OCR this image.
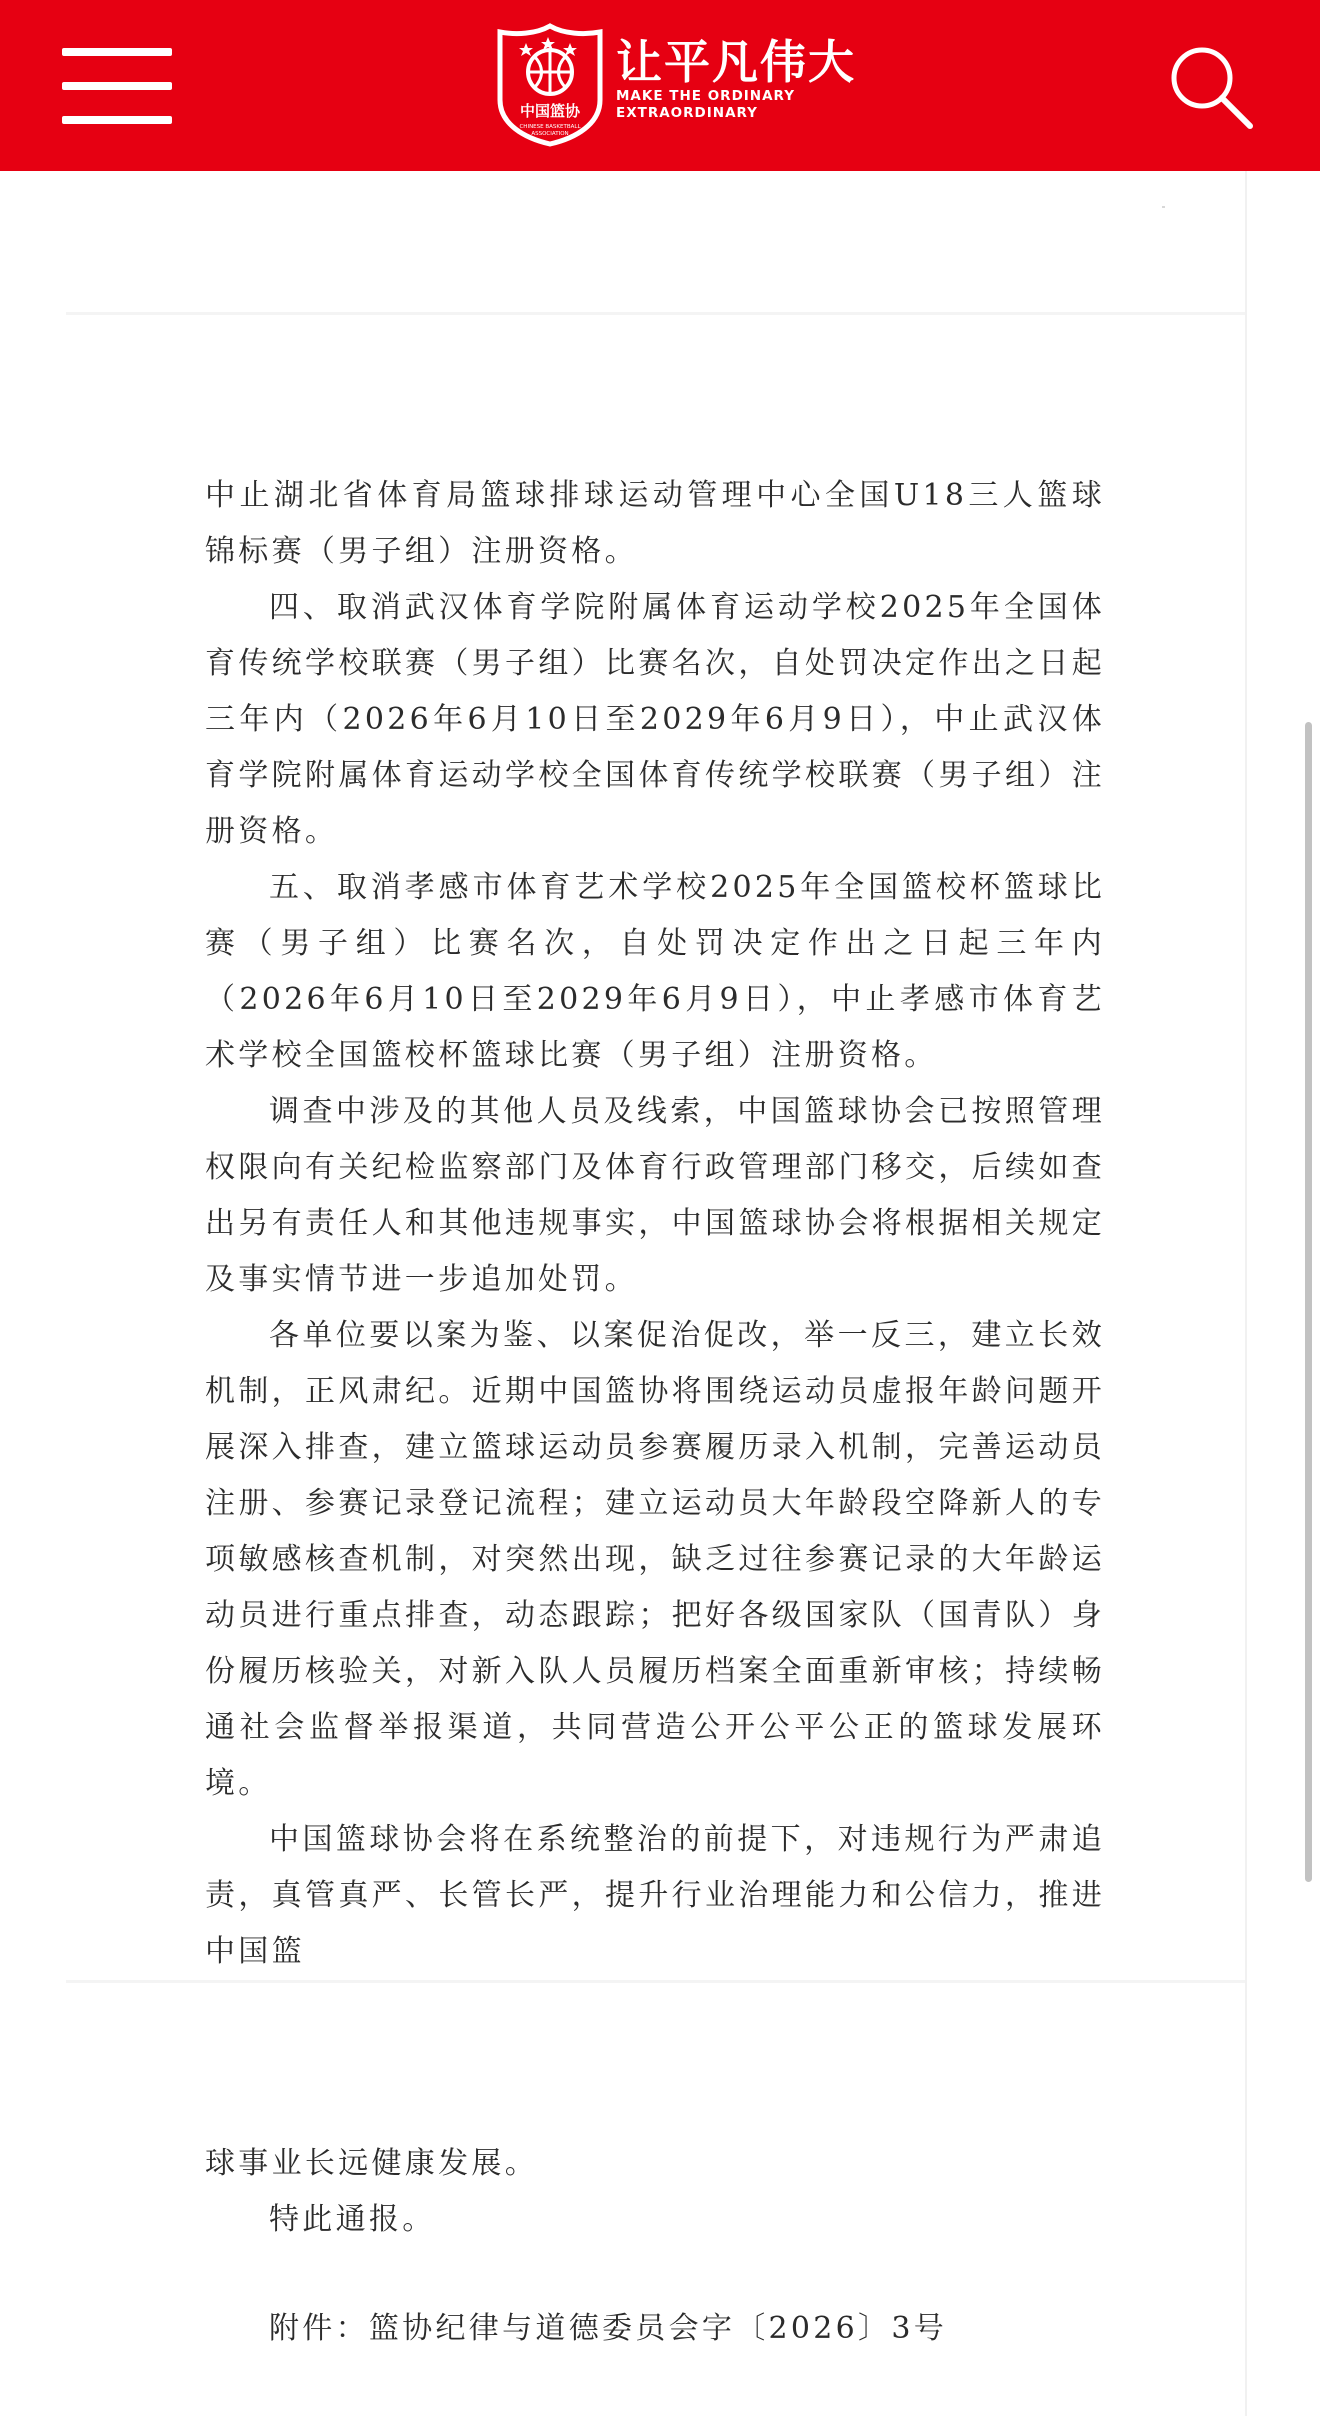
中国篮协
CHINESE BASKETBALL
ASSOCIATION
让平凡伟大
MAKE THE ORDINARY
EXTRAORDINARY

中止湖北省体育局篮球排球运动管理中心全国U18三人篮球锦标赛（男子组）注册资格。

四、取消武汉体育学院附属体育运动学校2025年全国体育传统学校联赛（男子组）比赛名次，自处罚决定作出之日起三年内（2026年6月10日至2029年6月9日），中止武汉体育学院附属体育运动学校全国体育传统学校联赛（男子组）注册资格。

五、取消孝感市体育艺术学校2025年全国篮校杯篮球比赛（男子组）比赛名次，自处罚决定作出之日起三年内（2026年6月10日至2029年6月9日），中止孝感市体育艺术学校全国篮校杯篮球比赛（男子组）注册资格。

调查中涉及的其他人员及线索，中国篮球协会已按照管理权限向有关纪检监察部门及体育行政管理部门移交，后续如查出另有责任人和其他违规事实，中国篮球协会将根据相关规定及事实情节进一步追加处罚。

各单位要以案为鉴、以案促治促改，举一反三，建立长效机制，正风肃纪。近期中国篮协将围绕运动员虚报年龄问题开展深入排查，建立篮球运动员参赛履历录入机制，完善运动员注册、参赛记录登记流程；建立运动员大年龄段空降新人的专项敏感核查机制，对突然出现，缺乏过往参赛记录的大年龄运动员进行重点排查，动态跟踪；把好各级国家队（国青队）身份履历核验关，对新入队人员履历档案全面重新审核；持续畅通社会监督举报渠道，共同营造公开公平公正的篮球发展环境。

中国篮球协会将在系统整治的前提下，对违规行为严肃追责，真管真严、长管长严，提升行业治理能力和公信力，推进中国篮

球事业长远健康发展。

特此通报。

附件：篮协纪律与道德委员会字〔2026〕3号
